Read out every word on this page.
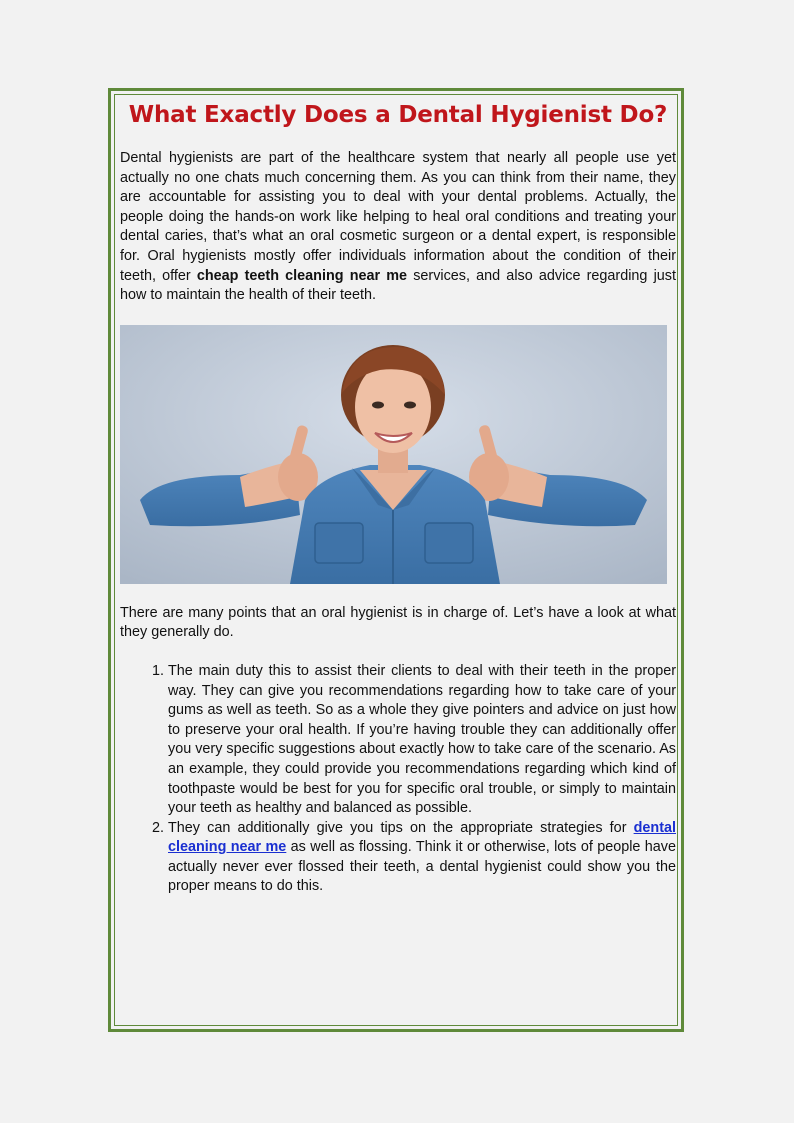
What Exactly Does a Dental Hygienist Do?

Dental hygienists are part of the healthcare system that nearly all people use yet actually no one chats much concerning them. As you can think from their name, they are accountable for assisting you to deal with your dental problems. Actually, the people doing the hands-on work like helping to heal oral conditions and treating your dental caries, that’s what an oral cosmetic surgeon or a dental expert, is responsible for. Oral hygienists mostly offer individuals information about the condition of their teeth, offer cheap teeth cleaning near me services, and also advice regarding just how to maintain the health of their teeth.

There are many points that an oral hygienist is in charge of. Let’s have a look at what they generally do.

1. The main duty this to assist their clients to deal with their teeth in the proper way. They can give you recommendations regarding how to take care of your gums as well as teeth. So as a whole they give pointers and advice on just how to preserve your oral health. If you’re having trouble they can additionally offer you very specific suggestions about exactly how to take care of the scenario. As an example, they could provide you recommendations regarding which kind of toothpaste would be best for you for specific oral trouble, or simply to maintain your teeth as healthy and balanced as possible.
2. They can additionally give you tips on the appropriate strategies for dental cleaning near me as well as flossing. Think it or otherwise, lots of people have actually never ever flossed their teeth, a dental hygienist could show you the proper means to do this.
